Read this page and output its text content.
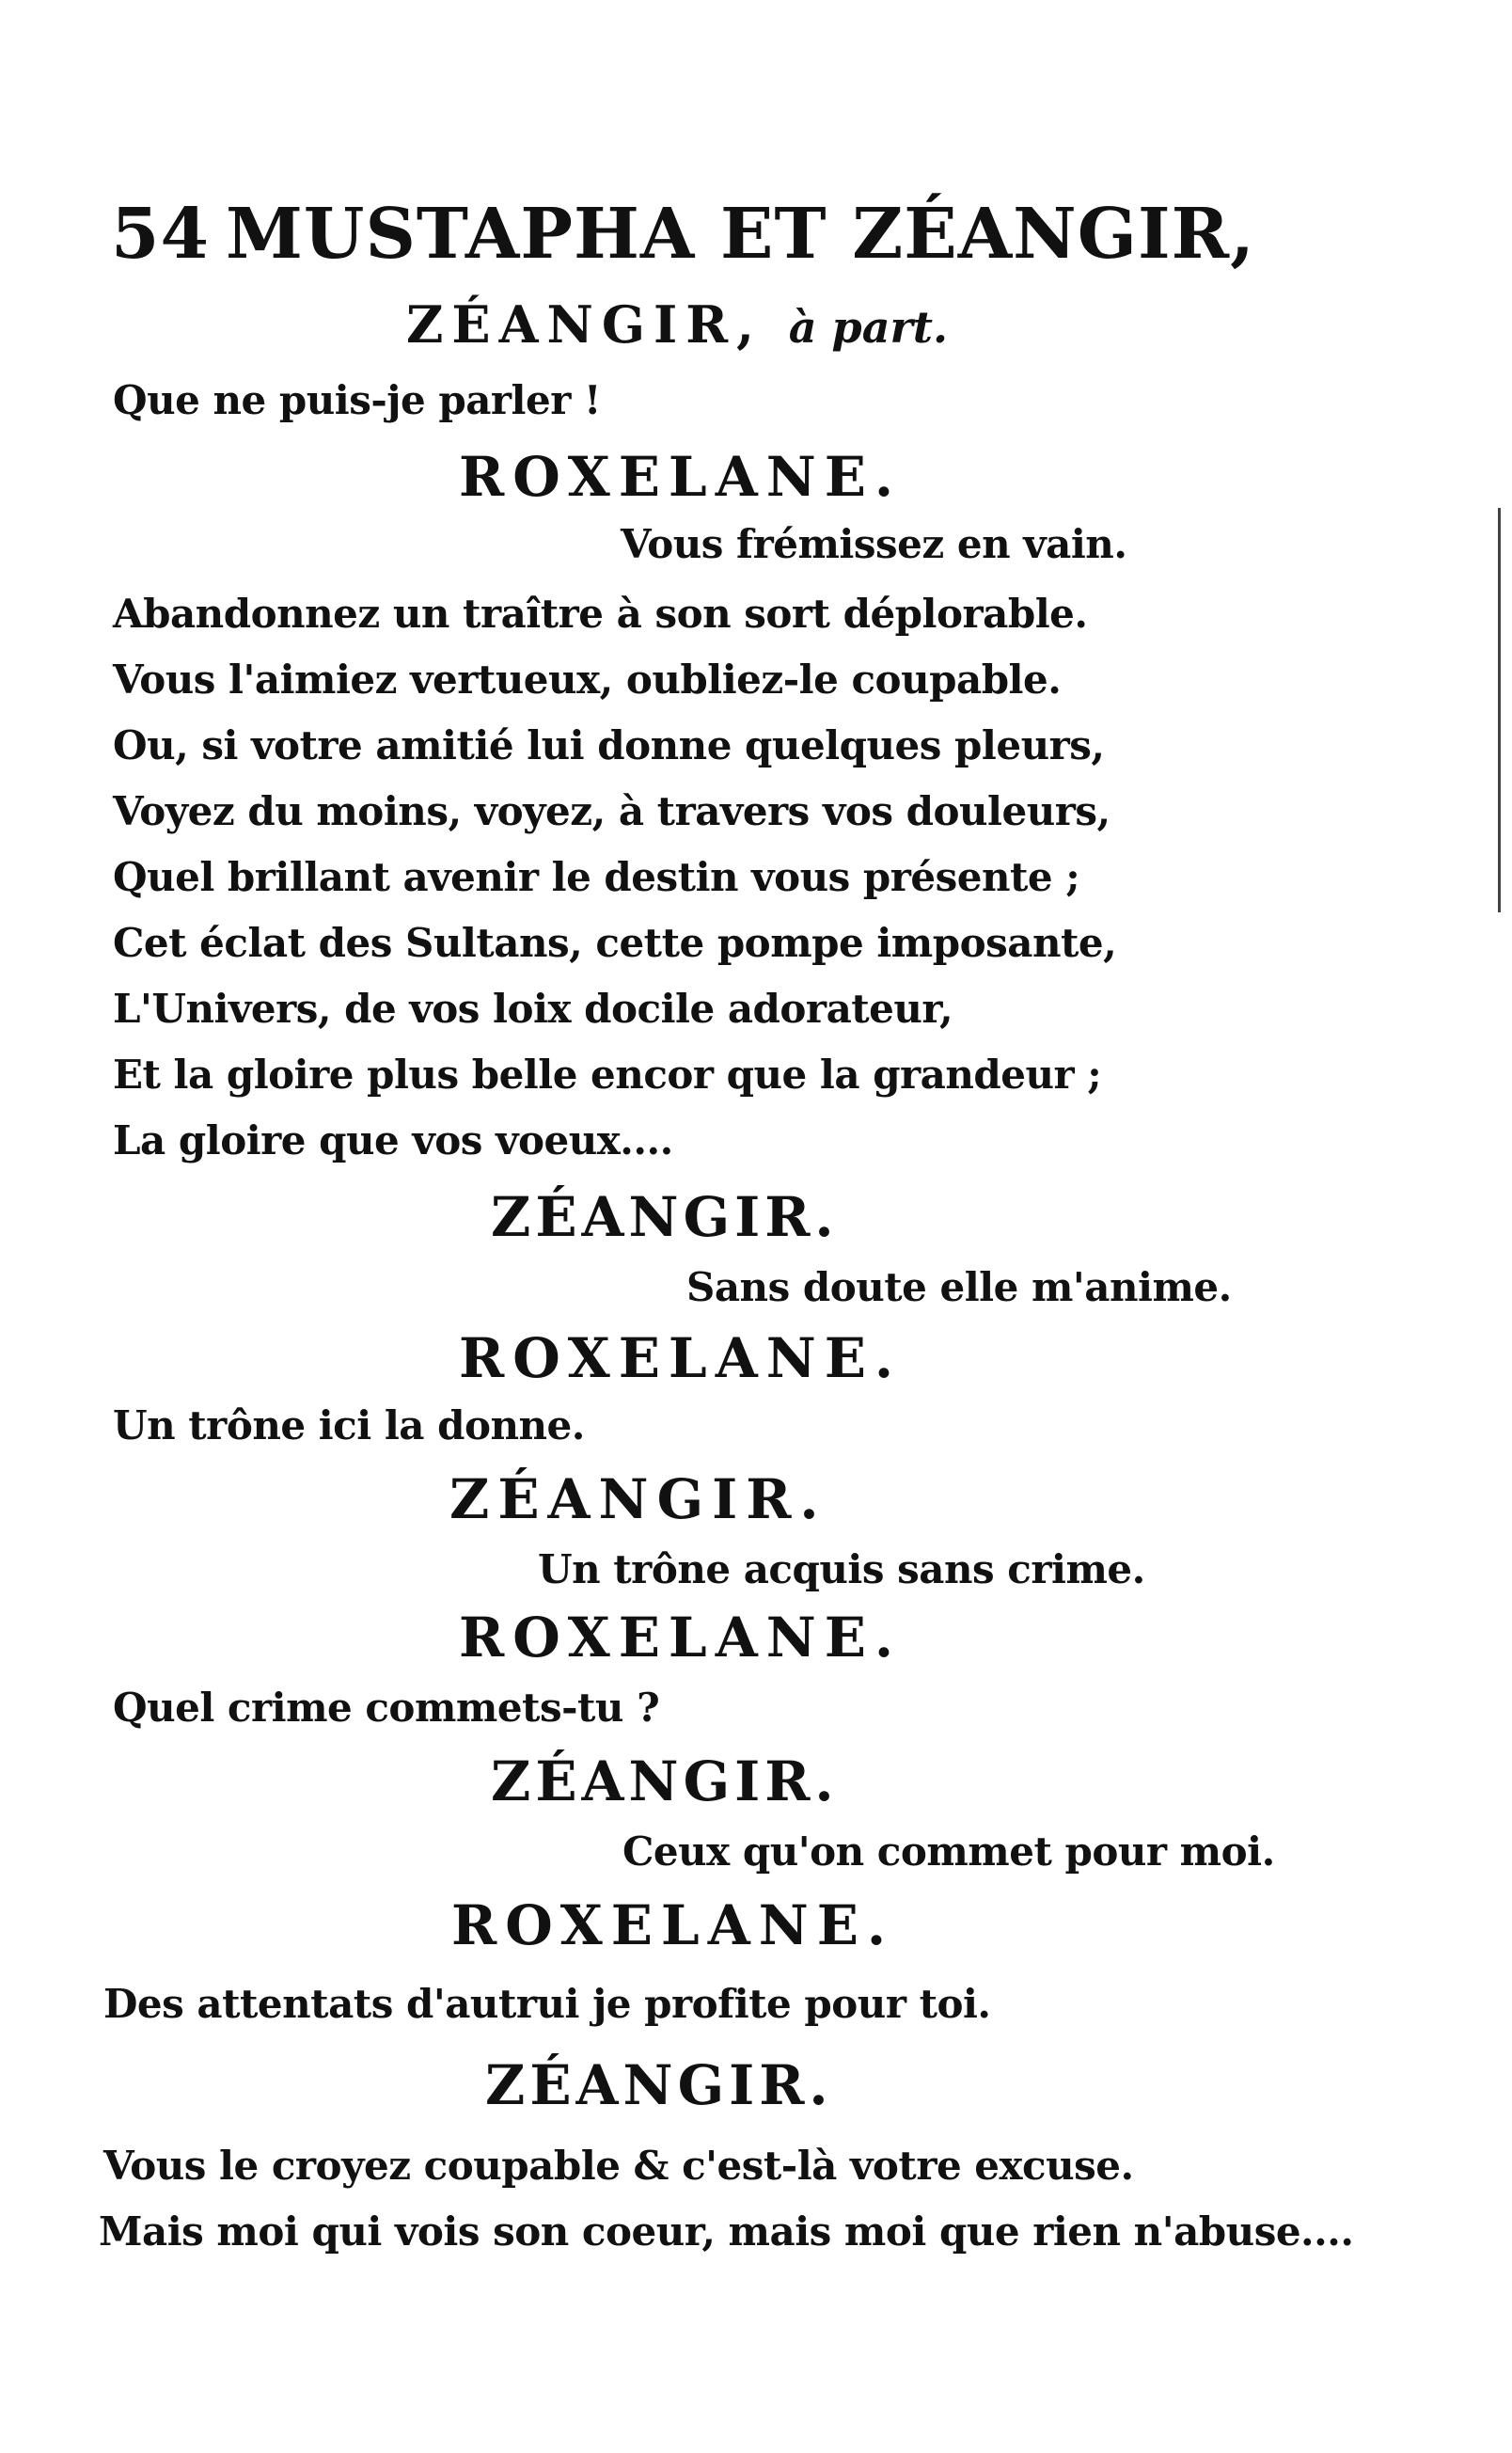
54 MUSTAPHA ET ZÉANGIR,
ZÉANGIR, à part.
Que ne puis-je parler !
ROXELANE.
Vous frémissez en vain.
Abandonnez un traître à son sort déplorable.
Vous l'aimiez vertueux, oubliez-le coupable.
Ou, si votre amitié lui donne quelques pleurs,
Voyez du moins, voyez, à travers vos douleurs,
Quel brillant avenir le destin vous présente ;
Cet éclat des Sultans, cette pompe imposante,
L'Univers, de vos loix docile adorateur,
Et la gloire plus belle encor que la grandeur ;
La gloire que vos voeux....
ZÉANGIR.
Sans doute elle m'anime.
ROXELANE.
Un trône ici la donne.
ZÉANGIR.
Un trône acquis sans crime.
ROXELANE.
Quel crime commets-tu ?
ZÉANGIR.
Ceux qu'on commet pour moi.
ROXELANE.
Des attentats d'autrui je profite pour toi.
ZÉANGIR.
Vous le croyez coupable & c'est-là votre excuse.
Mais moi qui vois son coeur, mais moi que rien n'abuse....
